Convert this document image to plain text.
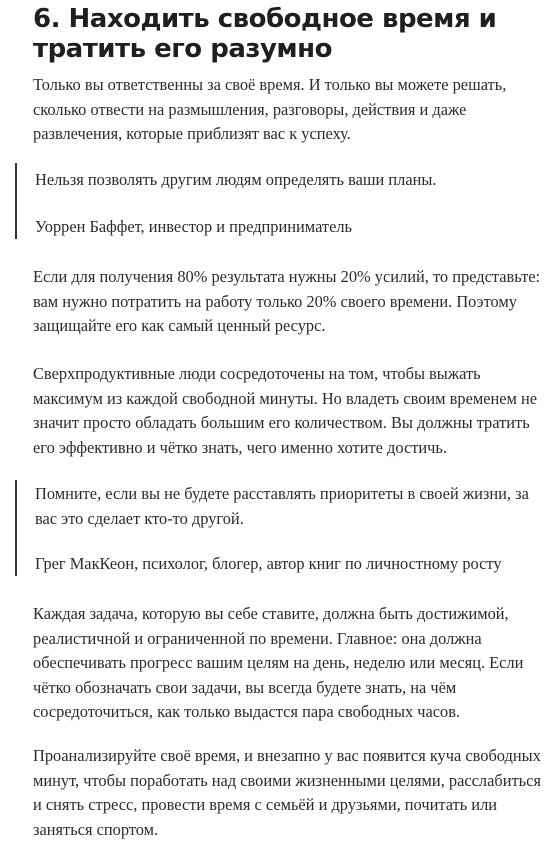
6. Находить свободное время и тратить его разумно

Только вы ответственны за своё время. И только вы можете решать, сколько отвести на размышления, разговоры, действия и даже развлечения, которые приблизят вас к успеху.

Нельзя позволять другим людям определять ваши планы.

Уоррен Баффет, инвестор и предприниматель

Если для получения 80% результата нужны 20% усилий, то представьте: вам нужно потратить на работу только 20% своего времени. Поэтому защищайте его как самый ценный ресурс.

Сверхпродуктивные люди сосредоточены на том, чтобы выжать максимум из каждой свободной минуты. Но владеть своим временем не значит просто обладать большим его количеством. Вы должны тратить его эффективно и чётко знать, чего именно хотите достичь.

Помните, если вы не будете расставлять приоритеты в своей жизни, за вас это сделает кто-то другой.

Грег МакКеон, психолог, блогер, автор книг по личностному росту

Каждая задача, которую вы себе ставите, должна быть достижимой, реалистичной и ограниченной по времени. Главное: она должна обеспечивать прогресс вашим целям на день, неделю или месяц. Если чётко обозначать свои задачи, вы всегда будете знать, на чём сосредоточиться, как только выдастся пара свободных часов.

Проанализируйте своё время, и внезапно у вас появится куча свободных минут, чтобы поработать над своими жизненными целями, расслабиться и снять стресс, провести время с семьёй и друзьями, почитать или заняться спортом.
